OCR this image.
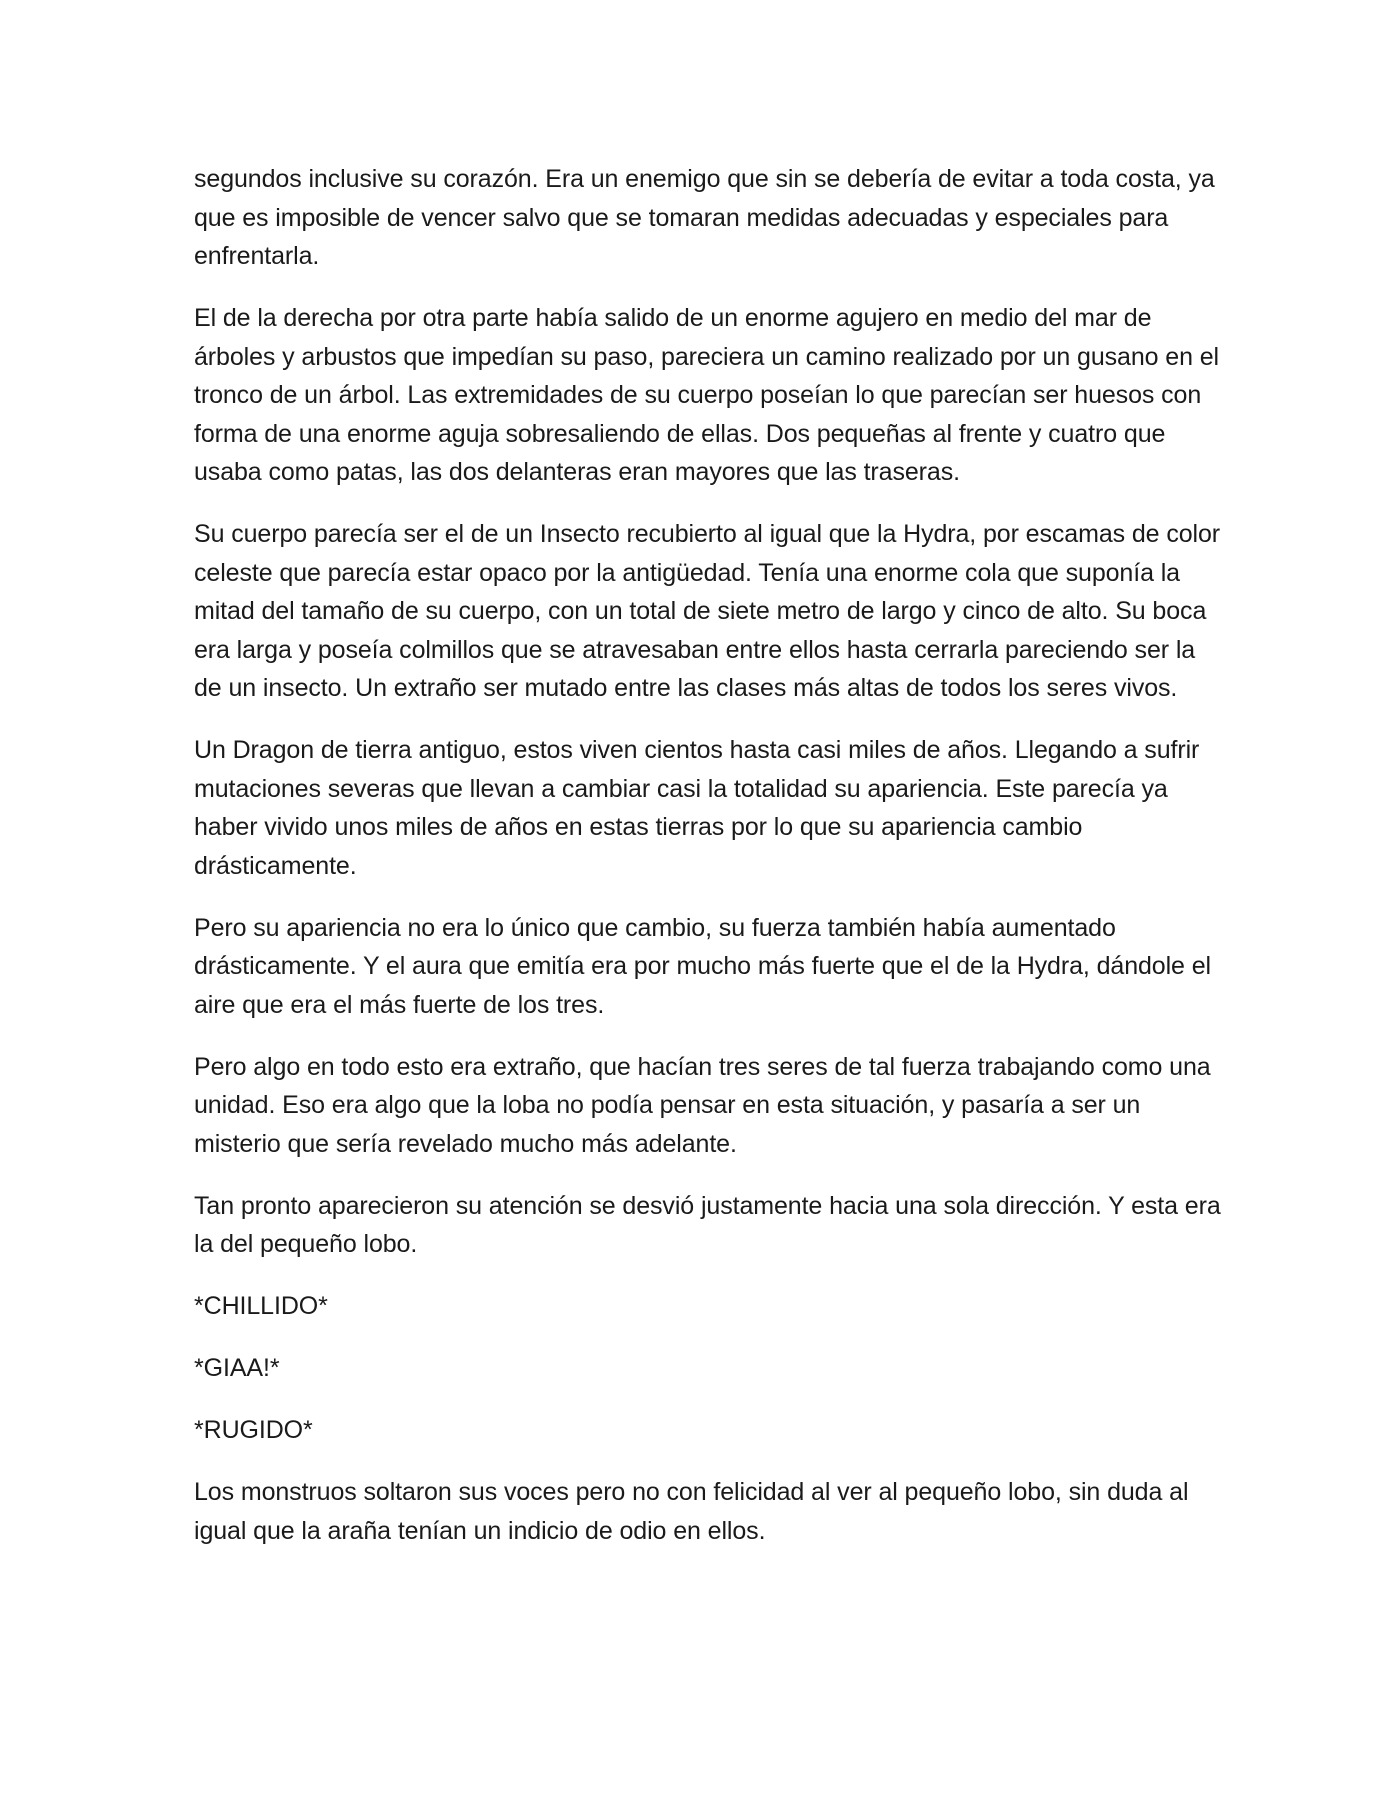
segundos inclusive su corazón. Era un enemigo que sin se debería de evitar a toda costa, ya que es imposible de vencer salvo que se tomaran medidas adecuadas y especiales para enfrentarla.

El de la derecha por otra parte había salido de un enorme agujero en medio del mar de árboles y arbustos que impedían su paso, pareciera un camino realizado por un gusano en el tronco de un árbol. Las extremidades de su cuerpo poseían lo que parecían ser huesos con forma de una enorme aguja sobresaliendo de ellas. Dos pequeñas al frente y cuatro que usaba como patas, las dos delanteras eran mayores que las traseras.

Su cuerpo parecía ser el de un Insecto recubierto al igual que la Hydra, por escamas de color celeste que parecía estar opaco por la antigüedad. Tenía una enorme cola que suponía la mitad del tamaño de su cuerpo, con un total de siete metro de largo y cinco de alto. Su boca era larga y poseía colmillos que se atravesaban entre ellos hasta cerrarla pareciendo ser la de un insecto. Un extraño ser mutado entre las clases más altas de todos los seres vivos.

Un Dragon de tierra antiguo, estos viven cientos hasta casi miles de años. Llegando a sufrir mutaciones severas que llevan a cambiar casi la totalidad su apariencia. Este parecía ya haber vivido unos miles de años en estas tierras por lo que su apariencia cambio drásticamente.

Pero su apariencia no era lo único que cambio, su fuerza también había aumentado drásticamente. Y el aura que emitía era por mucho más fuerte que el de la Hydra, dándole el aire que era el más fuerte de los tres.

Pero algo en todo esto era extraño, que hacían tres seres de tal fuerza trabajando como una unidad. Eso era algo que la loba no podía pensar en esta situación, y pasaría a ser un misterio que sería revelado mucho más adelante.

Tan pronto aparecieron su atención se desvió justamente hacia una sola dirección. Y esta era la del pequeño lobo.

*CHILLIDO*

*GIAA!*

*RUGIDO*

Los monstruos soltaron sus voces pero no con felicidad al ver al pequeño lobo, sin duda al igual que la araña tenían un indicio de odio en ellos.
